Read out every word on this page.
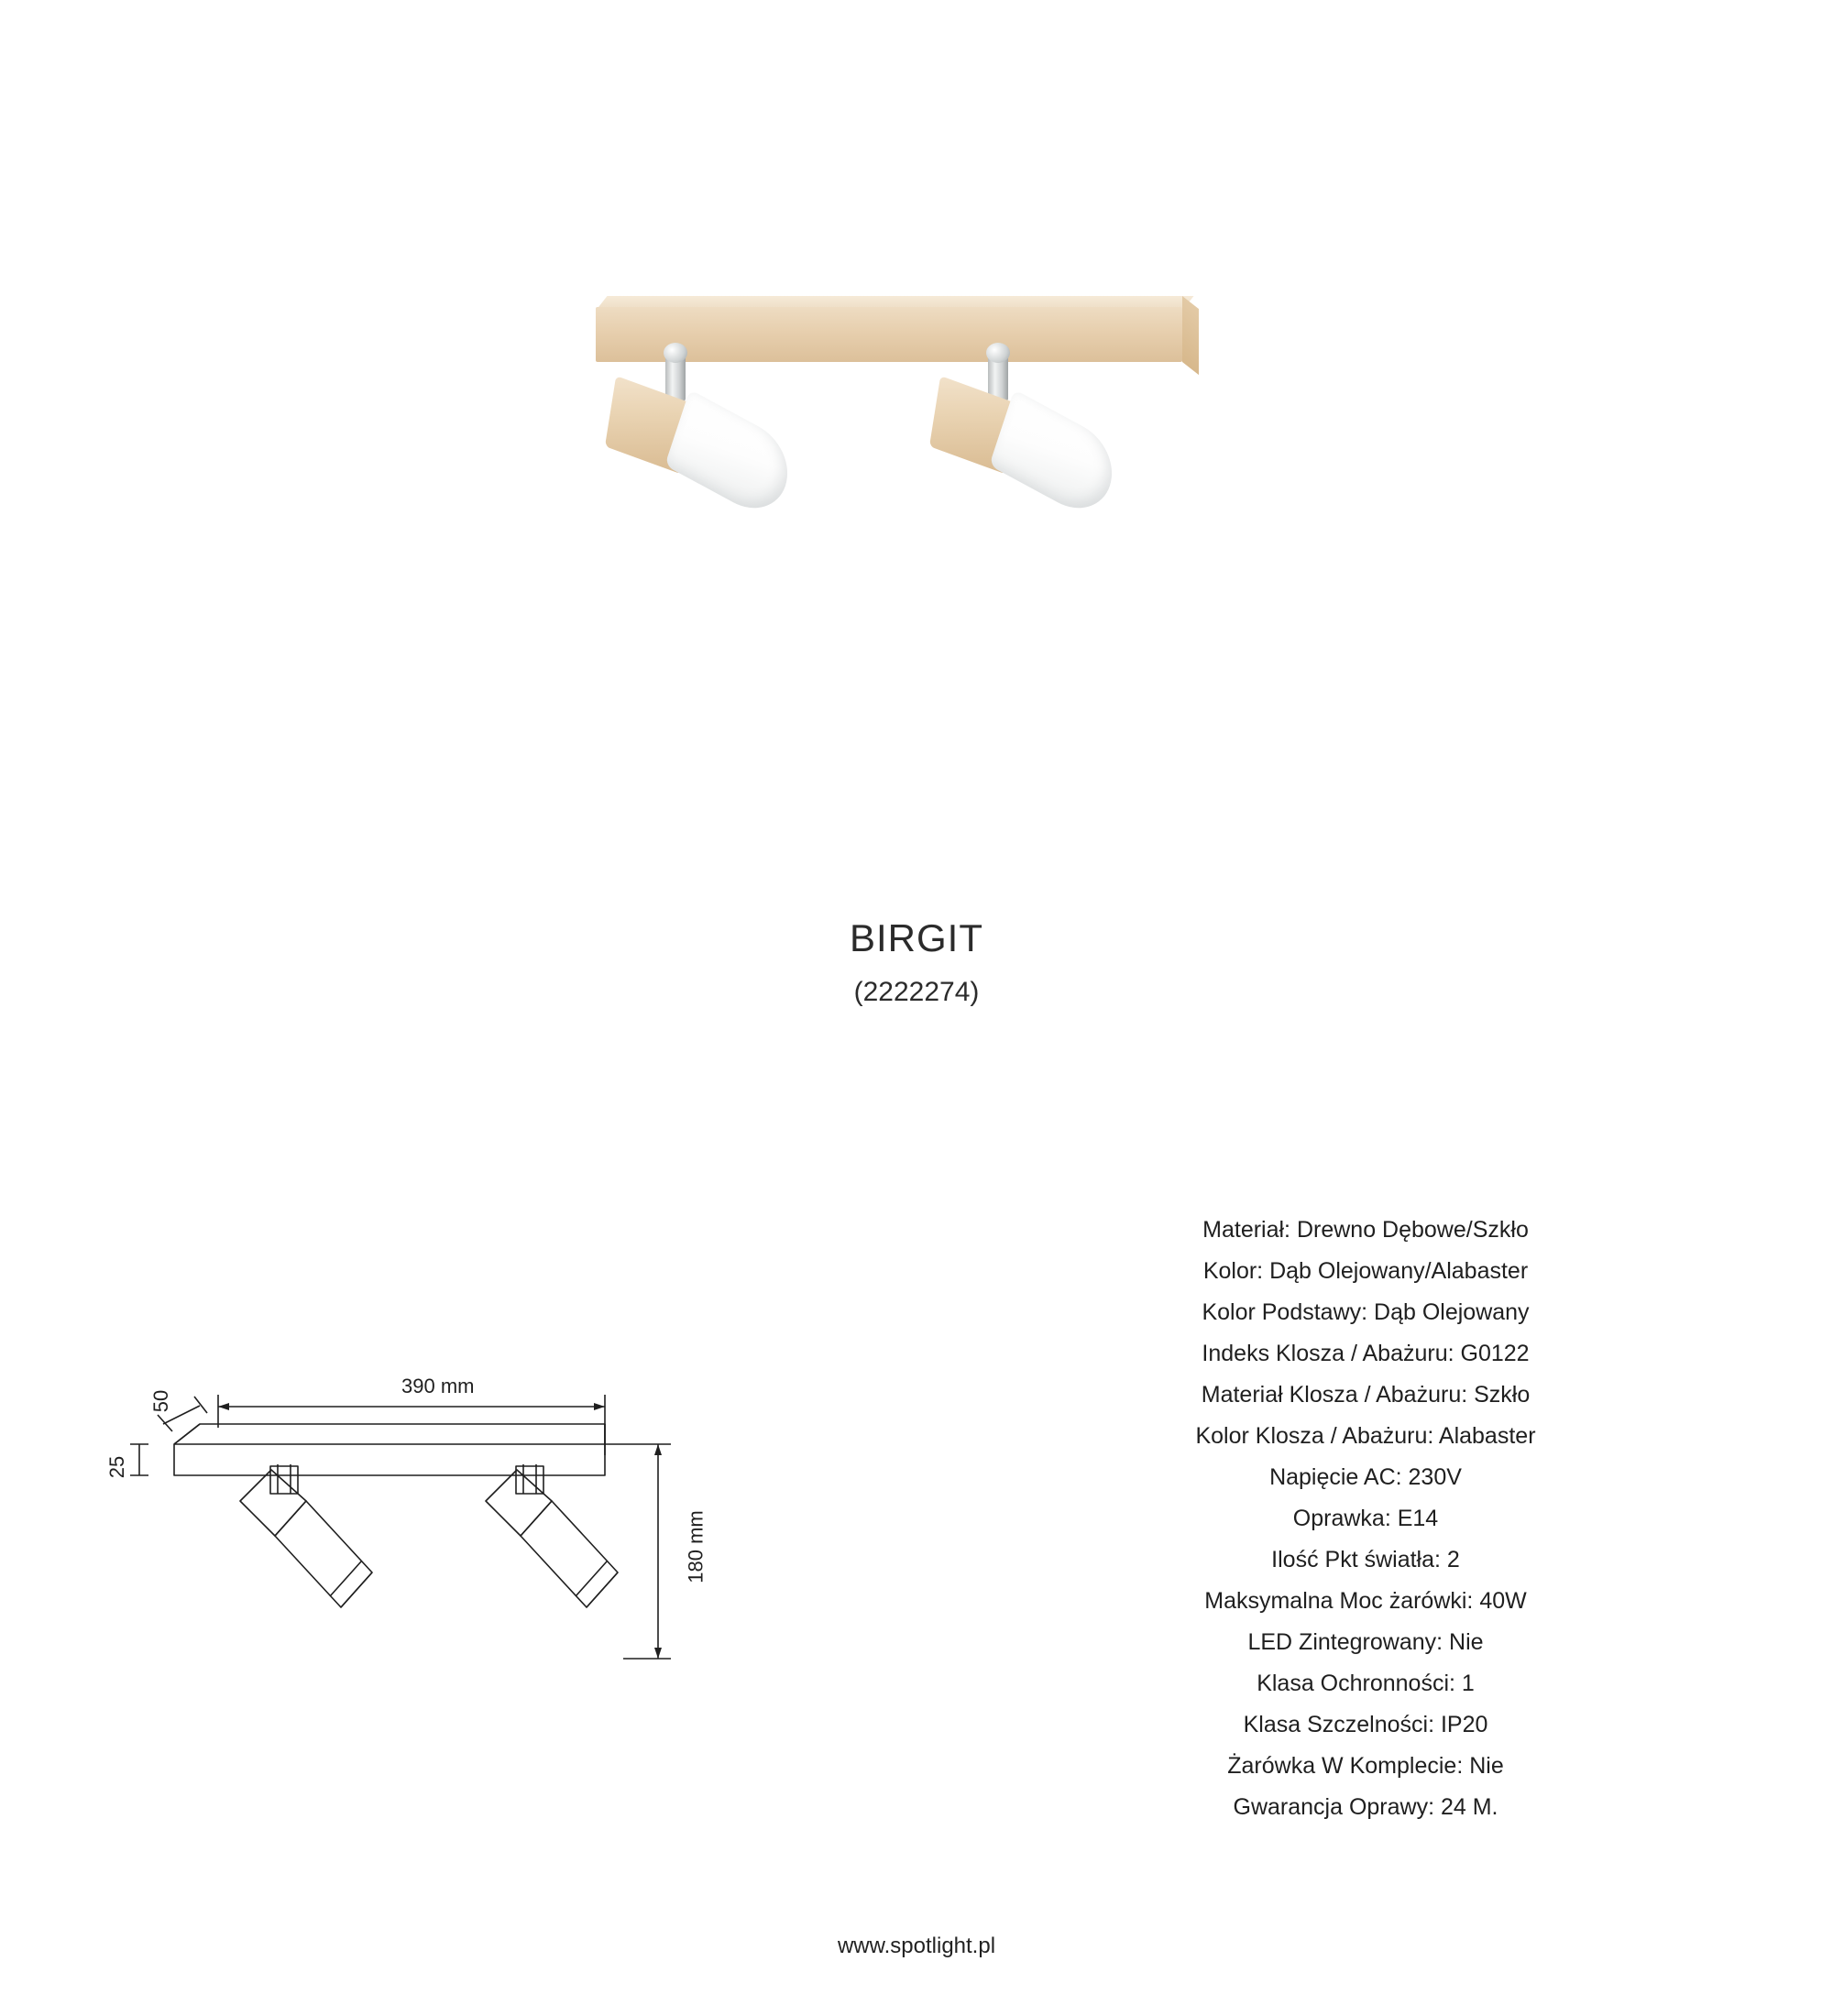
BIRGIT
(2222274)
Materiał: Drewno Dębowe/Szkło
Kolor: Dąb Olejowany/Alabaster
Kolor Podstawy: Dąb Olejowany
Indeks Klosza / Abażuru: G0122
Materiał Klosza / Abażuru: Szkło
Kolor Klosza / Abażuru: Alabaster
Napięcie AC: 230V
Oprawka: E14
Ilość Pkt światła: 2
Maksymalna Moc żarówki: 40W
LED Zintegrowany: Nie
Klasa Ochronności: 1
Klasa Szczelności: IP20
Żarówka W Komplecie: Nie
Gwarancja Oprawy: 24 M.
390 mm
180 mm
50
25
www.spotlight.pl
